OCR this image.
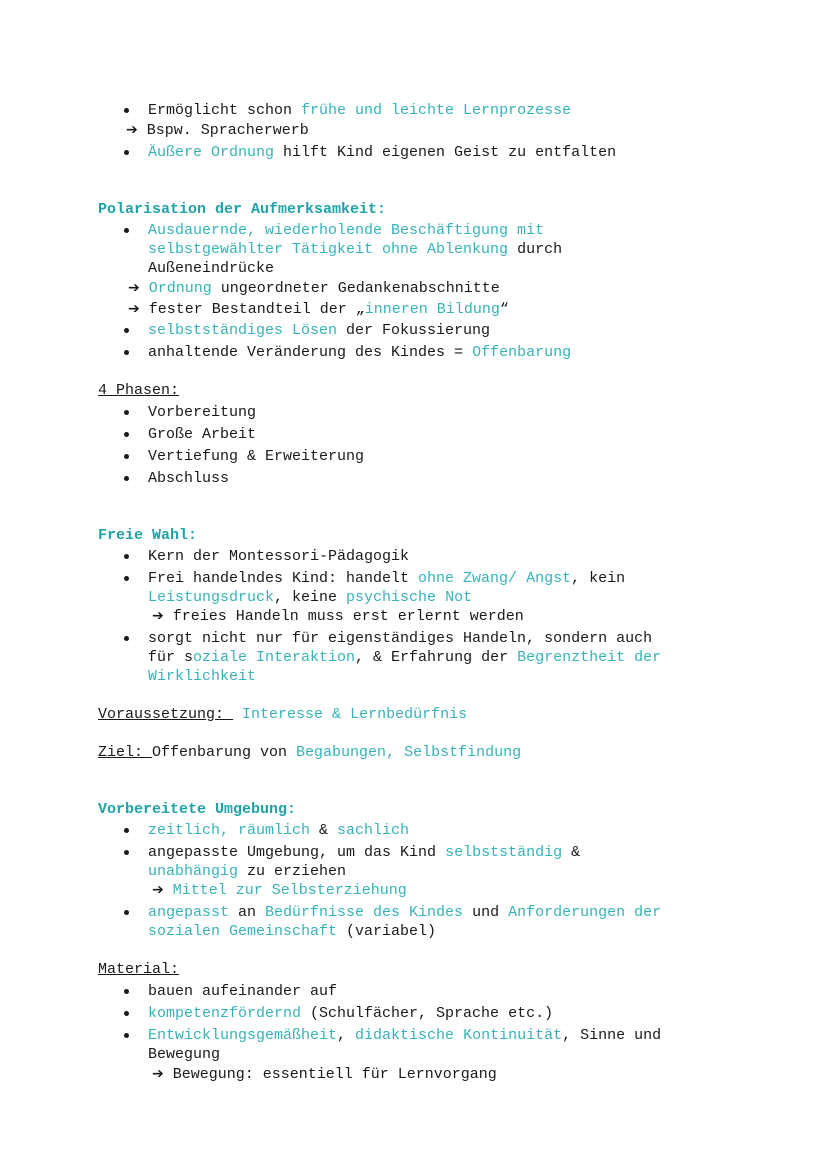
Ermöglicht schon frühe und leichte Lernprozesse
➔ Bspw. Spracherwerb
Äußere Ordnung hilft Kind eigenen Geist zu entfalten
Polarisation der Aufmerksamkeit:
Ausdauernde, wiederholende Beschäftigung mit
selbstgewählter Tätigkeit ohne Ablenkung durch
Außeneindrücke
➔ Ordnung ungeordneter Gedankenabschnitte
➔ fester Bestandteil der „inneren Bildung“
selbstständiges Lösen der Fokussierung
anhaltende Veränderung des Kindes = Offenbarung
4 Phasen:
Vorbereitung
Große Arbeit
Vertiefung & Erweiterung
Abschluss
Freie Wahl:
Kern der Montessori-Pädagogik
Frei handelndes Kind: handelt ohne Zwang/ Angst, kein
Leistungsdruck, keine psychische Not
➔ freies Handeln muss erst erlernt werden
sorgt nicht nur für eigenständiges Handeln, sondern auch
für soziale Interaktion, & Erfahrung der Begrenztheit der
Wirklichkeit
Voraussetzung:  Interesse & Lernbedürfnis
Ziel: Offenbarung von Begabungen, Selbstfindung
Vorbereitete Umgebung:
zeitlich, räumlich & sachlich
angepasste Umgebung, um das Kind selbstständig &
unabhängig zu erziehen
➔ Mittel zur Selbsterziehung
angepasst an Bedürfnisse des Kindes und Anforderungen der
sozialen Gemeinschaft (variabel)
Material:
bauen aufeinander auf
kompetenzfördernd (Schulfächer, Sprache etc.)
Entwicklungsgemäßheit, didaktische Kontinuität, Sinne und
Bewegung
➔ Bewegung: essentiell für Lernvorgang
